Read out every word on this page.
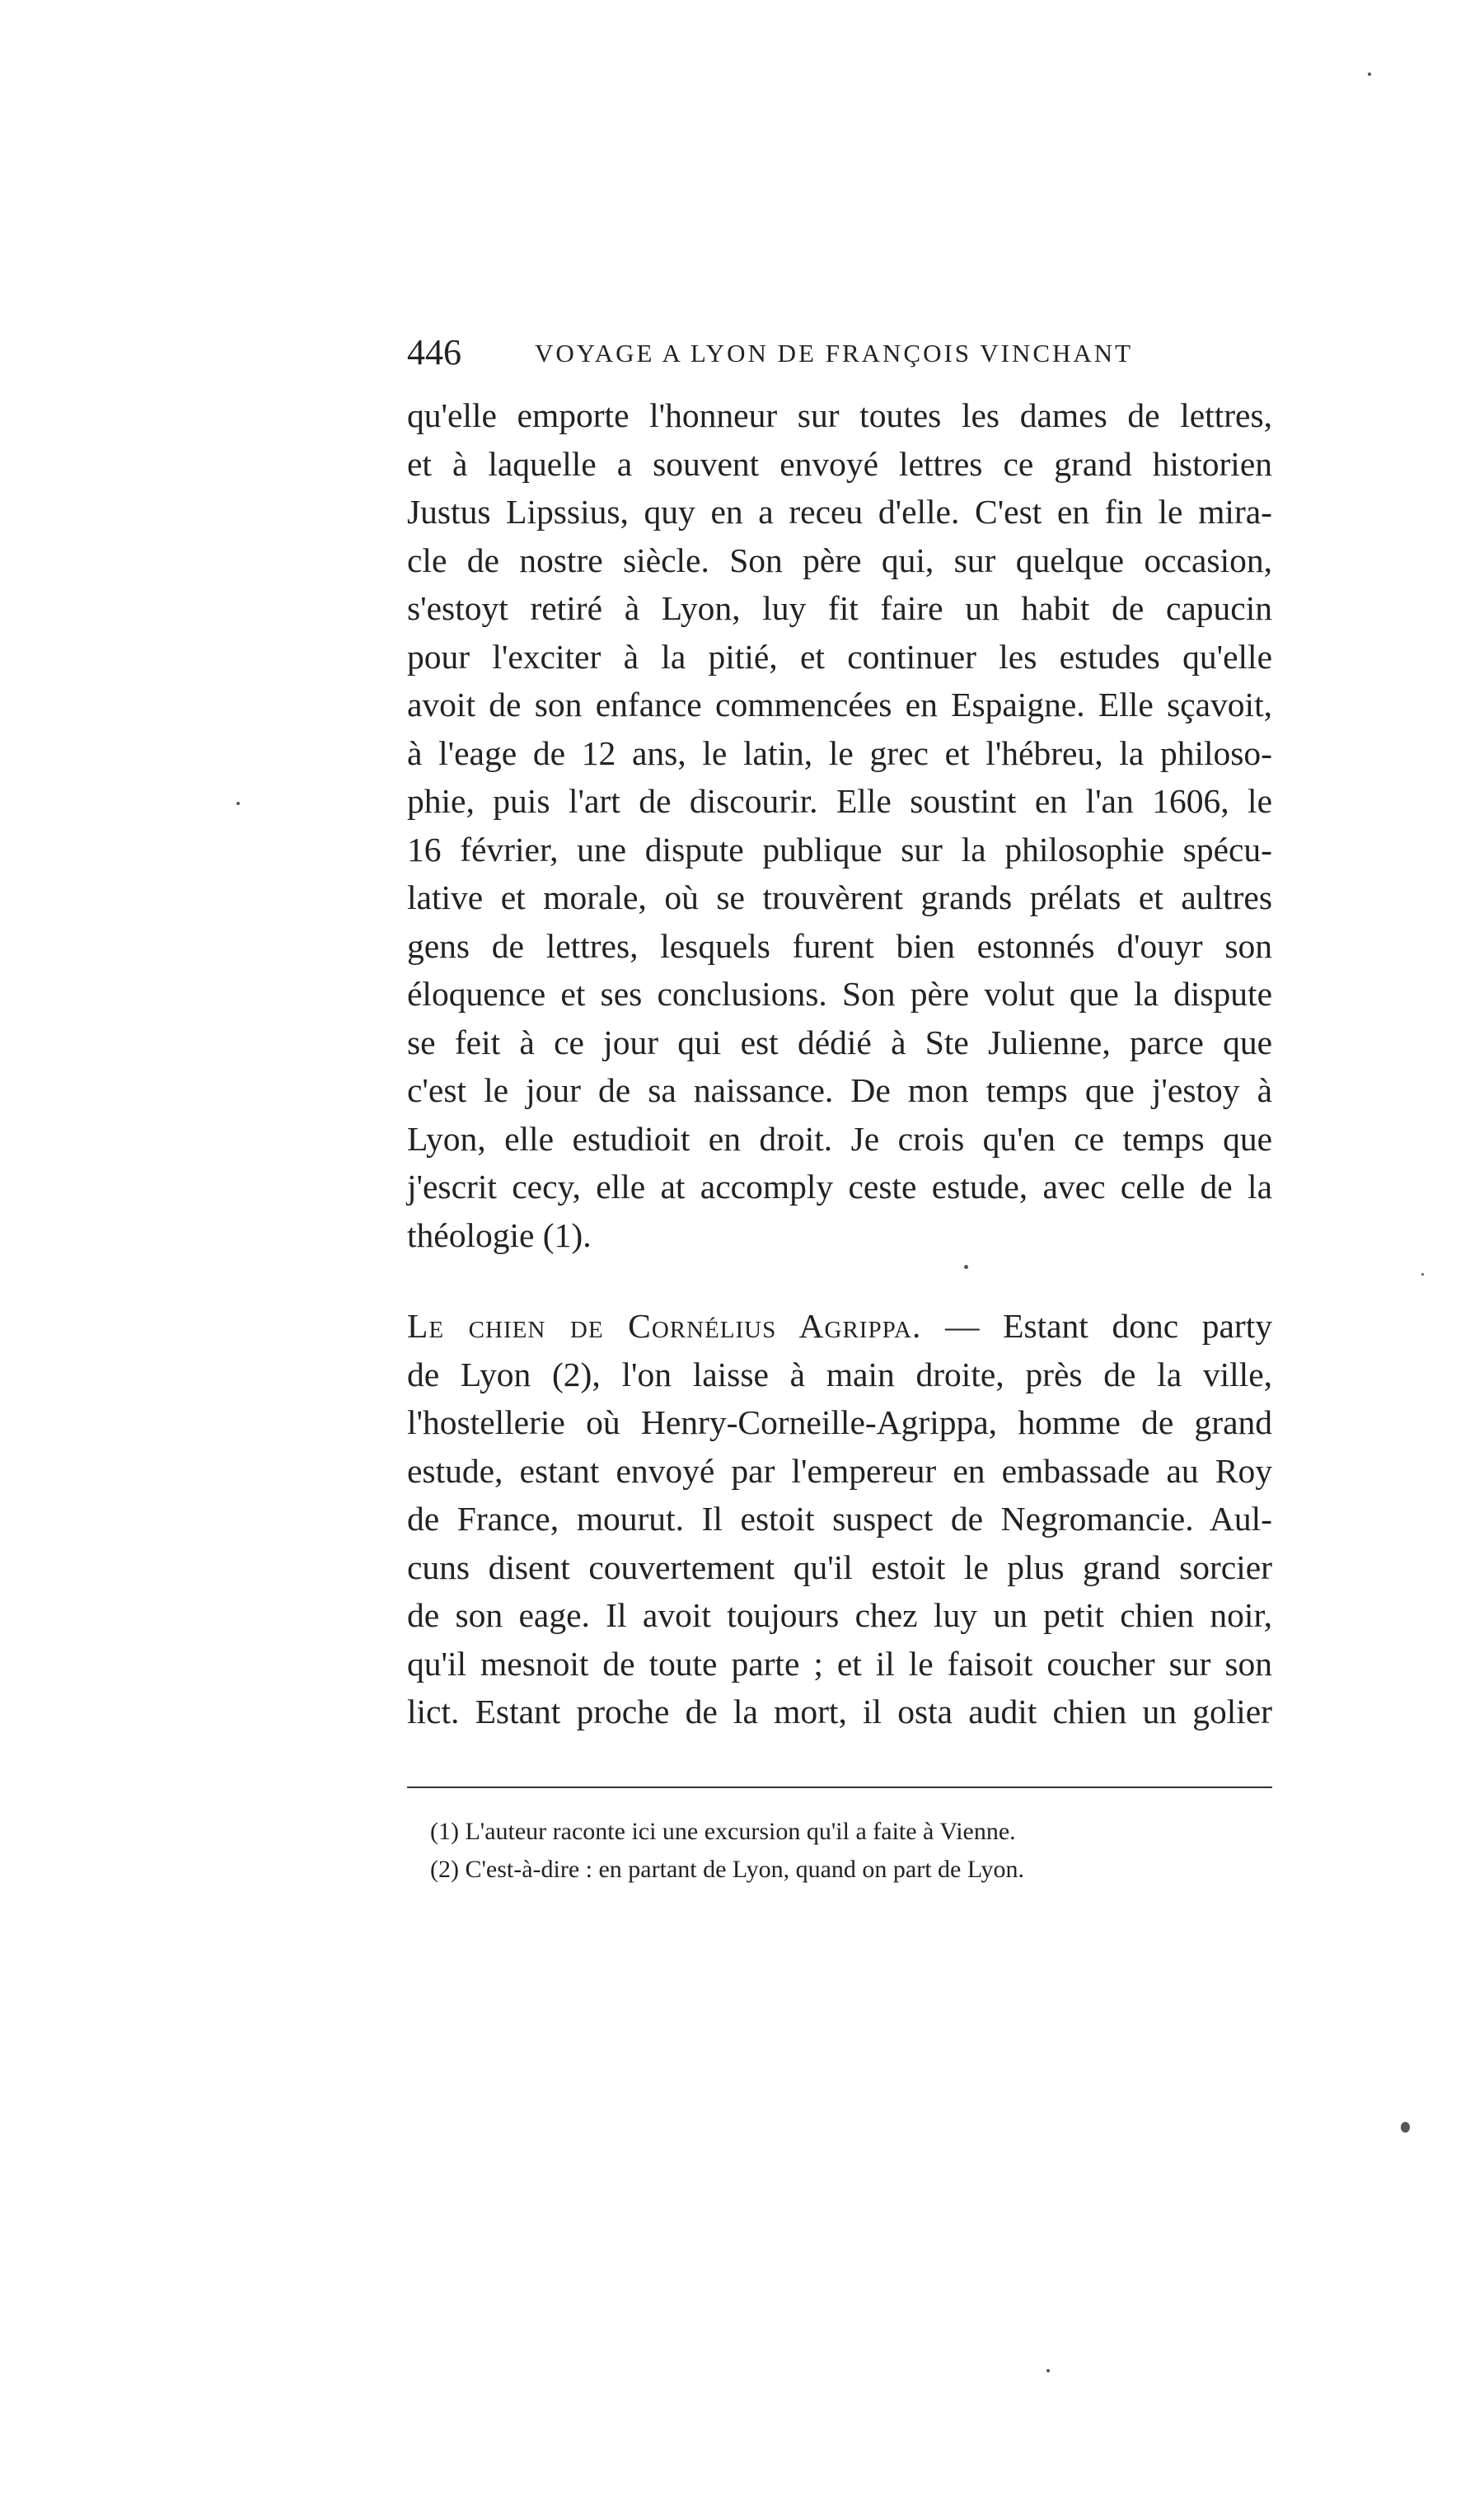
446	VOYAGE A LYON DE FRANÇOIS VINCHANT
qu'elle emporte l'honneur sur toutes les dames de lettres,
et à laquelle a souvent envoyé lettres ce grand historien
Justus Lipssius, quy en a receu d'elle. C'est en fin le mira-
cle de nostre siècle. Son père qui, sur quelque occasion,
s'estoyt retiré à Lyon, luy fit faire un habit de capucin
pour l'exciter à la pitié, et continuer les estudes qu'elle
avoit de son enfance commencées en Espaigne. Elle sçavoit,
à l'eage de 12 ans, le latin, le grec et l'hébreu, la philoso-
phie, puis l'art de discourir. Elle soustint en l'an 1606, le
16 février, une dispute publique sur la philosophie spécu-
lative et morale, où se trouvèrent grands prélats et aultres
gens de lettres, lesquels furent bien estonnés d'ouyr son
éloquence et ses conclusions. Son père volut que la dispute
se feit à ce jour qui est dédié à Ste Julienne, parce que
c'est le jour de sa naissance. De mon temps que j'estoy à
Lyon, elle estudioit en droit. Je crois qu'en ce temps que
j'escrit cecy, elle at accomply ceste estude, avec celle de la
théologie (1).
Le chien de Cornélius Agrippa. — Estant donc party
de Lyon (2), l'on laisse à main droite, près de la ville,
l'hostellerie où Henry-Corneille-Agrippa, homme de grand
estude, estant envoyé par l'empereur en embassade au Roy
de France, mourut. Il estoit suspect de Negromancie. Aul-
cuns disent couvertement qu'il estoit le plus grand sorcier
de son eage. Il avoit toujours chez luy un petit chien noir,
qu'il mesnoit de toute parte ; et il le faisoit coucher sur son
lict. Estant proche de la mort, il osta audit chien un golier
(1) L'auteur raconte ici une excursion qu'il a faite à Vienne.
(2) C'est-à-dire : en partant de Lyon, quand on part de Lyon.
